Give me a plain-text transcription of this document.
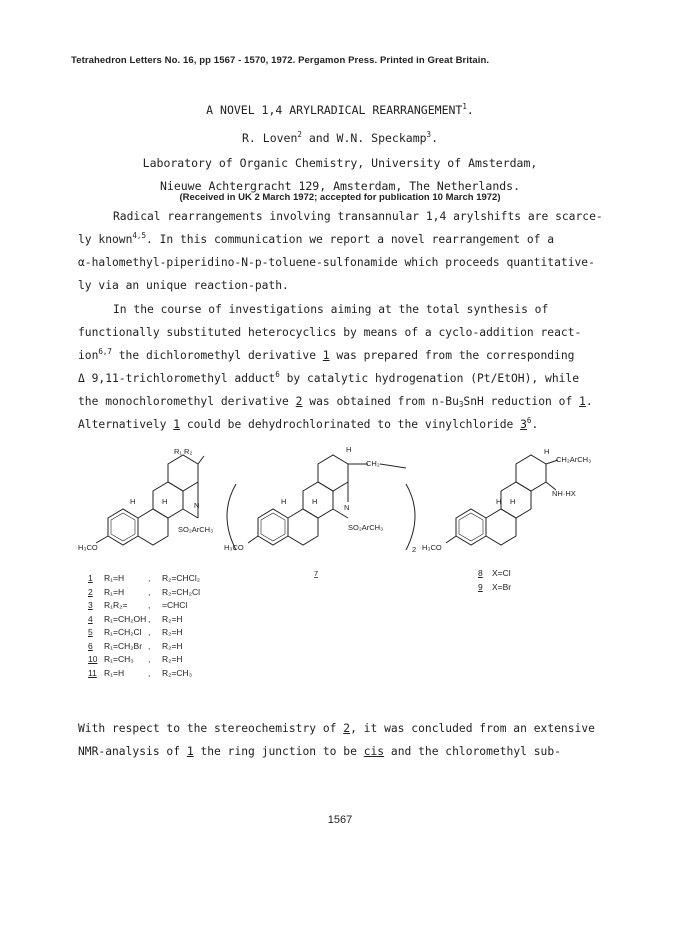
Tetrahedron Letters No. 16, pp 1567 - 1570, 1972. Pergamon Press. Printed in Great Britain.
A NOVEL 1,4 ARYLRADICAL REARRANGEMENT$^1$.
R. Loven$^2$ and W.N. Speckamp$^3$.
Laboratory of Organic Chemistry, University of Amsterdam,
Nieuwe Achtergracht 129, Amsterdam, The Netherlands.
(Received in UK 2 March 1972; accepted for publication 10 March 1972)
Radical rearrangements involving transannular 1,4 arylshifts are scarce-
ly known$^{4,5}$. In this communication we report a novel rearrangement of a
α-halomethyl-piperidino-N-p-toluene-sulfonamide which proceeds quantitative-
ly via an unique reaction-path.
In the course of investigations aiming at the total synthesis of
functionally substituted heterocyclics by means of a cyclo-addition react-
ion$^{6,7}$ the dichloromethyl derivative 1 was prepared from the corresponding
Δ 9,11-trichloromethyl adduct$^6$ by catalytic hydrogenation (Pt/EtOH), while
the monochloromethyl derivative 2 was obtained from $n-Bu_3SnH$ reduction of 1.
Alternatively 1 could be dehydrochlorinated to the vinylchloride $3^6$.
R₁ R₂
H	H	N
SO₂ArCH₃
H₃CO
H
H	H
CH₂
N
SO₂ArCH₃
H₃CO	2
H
H H
CH₂ArCH₃
NH·HX
H₃CO
7
1 R₁=H	, R₂=CHCl₂
2 R₁=H	, R₂=CH₂Cl
3 R₁R₂= , =CHCl
4 R₁=CH₂OH , R₂=H
5 R₁=CH₂Cl , R₂=H
6 R₁=CH₂Br , R₂=H
10 R₁=CH₃ , R₂=H
11 R₁=H	, R₂=CH₃
8 X=Cl
9 X=Br
With respect to the stereochemistry of 2, it was concluded from an extensive
NMR-analysis of 1 the ring junction to be cis and the chloromethyl sub-
1567
